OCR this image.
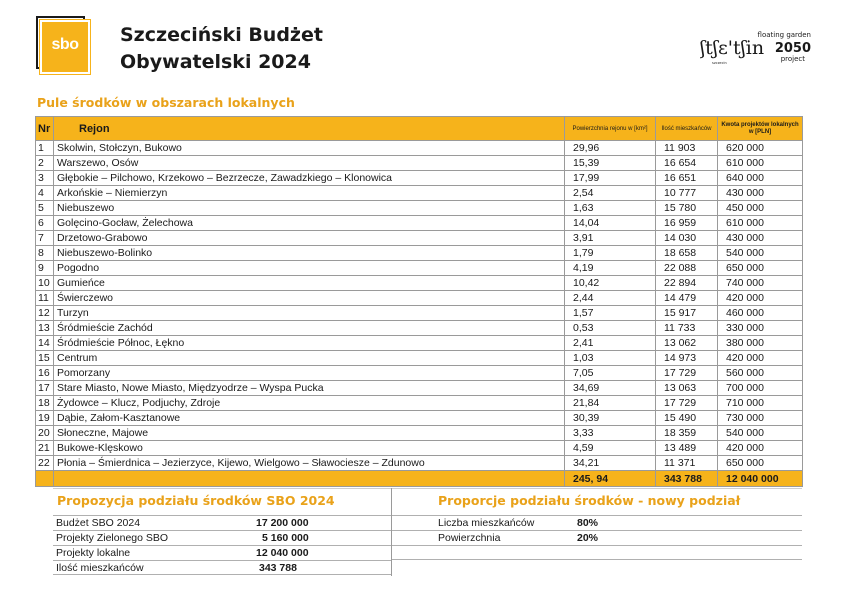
sbo	Szczeciński Budżet
Obywatelski 2024
ʃtʃɛ'tʃin
floating garden
2050
project
szczecin
Pule środków w obszarach lokalnych
Nr	Rejon	Powierzchnia rejonu w [km²]	Ilość mieszkańców	Kwota projektów lokalnych w [PLN]
1	Skolwin, Stołczyn, Bukowo	29,96	11 903	620 000
2	Warszewo, Osów	15,39	16 654	610 000
3	Głębokie – Pilchowo, Krzekowo – Bezrzecze, Zawadzkiego – Klonowica	17,99	16 651	640 000
4	Arkońskie – Niemierzyn	2,54	10 777	430 000
5	Niebuszewo	1,63	15 780	450 000
6	Golęcino-Gocław, Żelechowa	14,04	16 959	610 000
7	Drzetowo-Grabowo	3,91	14 030	430 000
8	Niebuszewo-Bolinko	1,79	18 658	540 000
9	Pogodno	4,19	22 088	650 000
10	Gumieńce	10,42	22 894	740 000
11	Świerczewo	2,44	14 479	420 000
12	Turzyn	1,57	15 917	460 000
13	Śródmieście Zachód	0,53	11 733	330 000
14	Śródmieście Północ, Łękno	2,41	13 062	380 000
15	Centrum	1,03	14 973	420 000
16	Pomorzany	7,05	17 729	560 000
17	Stare Miasto, Nowe Miasto, Międzyodrze – Wyspa Pucka	34,69	13 063	700 000
18	Żydowce – Klucz, Podjuchy, Zdroje	21,84	17 729	710 000
19	Dąbie, Załom-Kasztanowe	30,39	15 490	730 000
20	Słoneczne, Majowe	3,33	18 359	540 000
21	Bukowe-Klęskowo	4,59	13 489	420 000
22	Płonia – Śmierdnica – Jezierzyce, Kijewo, Wielgowo – Sławociesze – Zdunowo	34,21	11 371	650 000
		245, 94	343 788	12 040 000
Propozycja podziału środków SBO 2024
Budżet SBO 2024	17 200 000
Projekty Zielonego SBO	5 160 000
Projekty lokalne	12 040 000
Ilość mieszkańców	343 788
Proporcje podziału środków - nowy podział
Liczba mieszkańców	80%
Powierzchnia	20%
